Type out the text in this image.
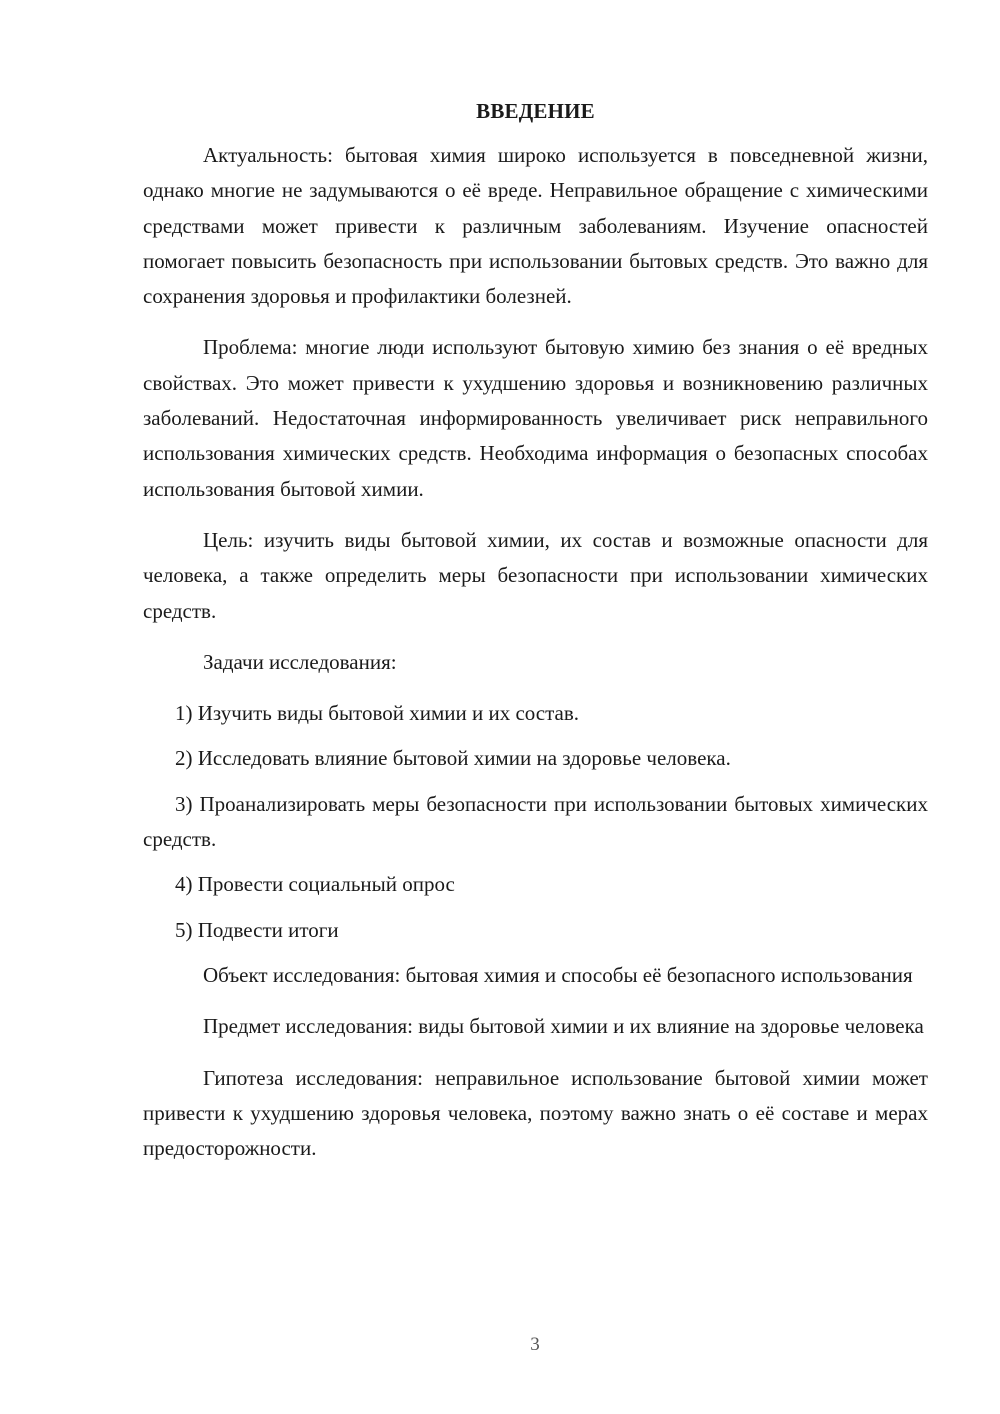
ВВЕДЕНИЕ

Актуальность: бытовая химия широко используется в повседневной жизни, однако многие не задумываются о её вреде. Неправильное обращение с химическими средствами может привести к различным заболеваниям. Изучение опасностей помогает повысить безопасность при использовании бытовых средств. Это важно для сохранения здоровья и профилактики болезней.

Проблема: многие люди используют бытовую химию без знания о её вредных свойствах. Это может привести к ухудшению здоровья и возникновению различных заболеваний. Недостаточная информированность увеличивает риск неправильного использования химических средств. Необходима информация о безопасных способах использования бытовой химии.

Цель: изучить виды бытовой химии, их состав и возможные опасности для человека, а также определить меры безопасности при использовании химических средств.

Задачи исследования:

1) Изучить виды бытовой химии и их состав.

2) Исследовать влияние бытовой химии на здоровье человека.

3) Проанализировать меры безопасности при использовании бытовых химических средств.

4) Провести социальный опрос

5) Подвести итоги

Объект исследования: бытовая химия и способы её безопасного использования

Предмет исследования: виды бытовой химии и их влияние на здоровье человека

Гипотеза исследования: неправильное использование бытовой химии может привести к ухудшению здоровья человека, поэтому важно знать о её составе и мерах предосторожности.

3
